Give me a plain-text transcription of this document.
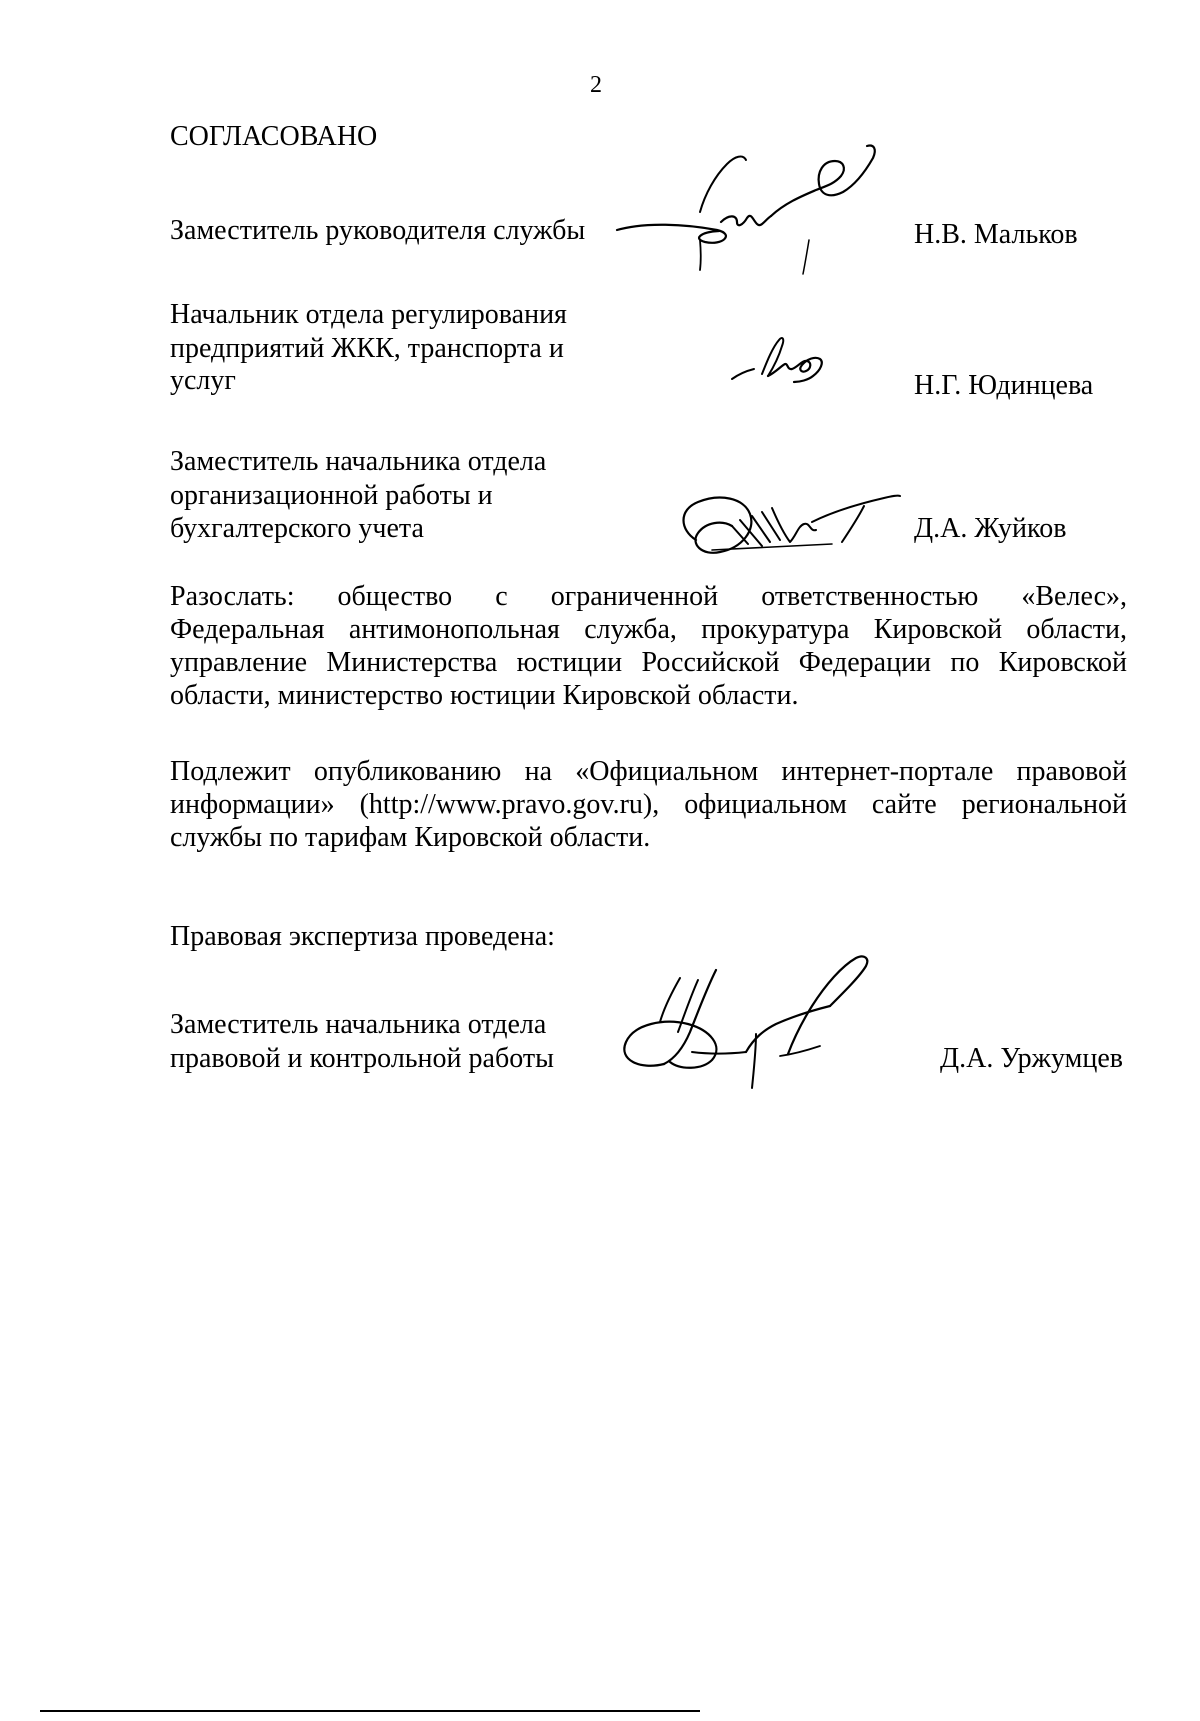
2
СОГЛАСОВАНО
Заместитель руководителя службы	Н.В. Мальков
Начальник отдела регулирования
предприятий ЖКК, транспорта и
услуг	Н.Г. Юдинцева
Заместитель начальника отдела
организационной работы и
бухгалтерского учета	Д.А. Жуйков
Разослать: общество с ограниченной ответственностью «Велес»,
Федеральная антимонопольная служба, прокуратура Кировской области,
управление Министерства юстиции Российской Федерации по Кировской
области, министерство юстиции Кировской области.
Подлежит опубликованию на «Официальном интернет-портале правовой
информации» (http://www.pravo.gov.ru), официальном сайте региональной
службы по тарифам Кировской области.
Правовая экспертиза проведена:
Заместитель начальника отдела
правовой и контрольной работы	Д.А. Уржумцев
